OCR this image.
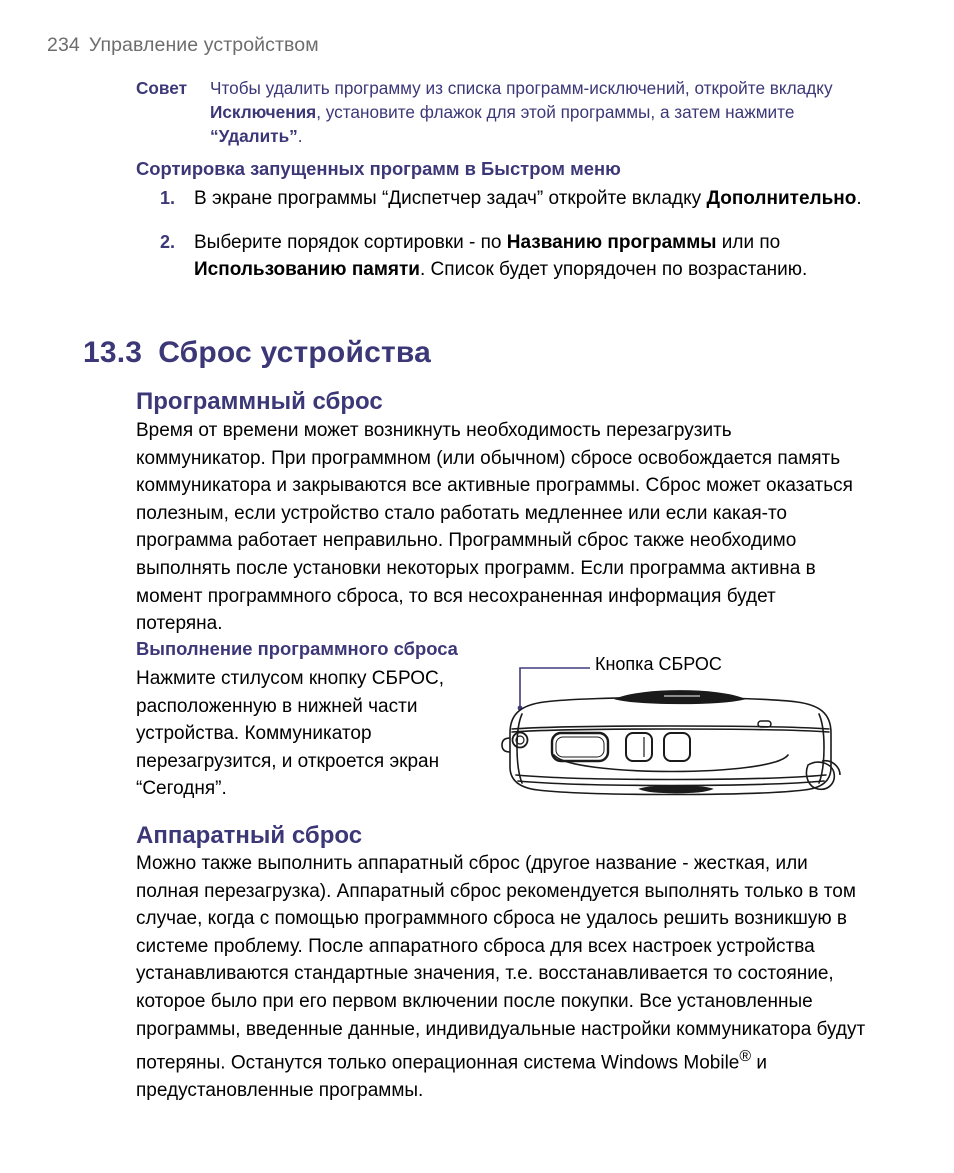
234 Управление устройством
Совет	Чтобы удалить программу из списка программ-исключений, откройте вкладку Исключения, установите флажок для этой программы, а затем нажмите “Удалить”.
Сортировка запущенных программ в Быстром меню
1. В экране программы “Диспетчер задач” откройте вкладку Дополнительно.
2. Выберите порядок сортировки - по Названию программы или по Использованию памяти. Список будет упорядочен по возрастанию.
13.3 Сброс устройства
Программный сброс
Время от времени может возникнуть необходимость перезагрузить коммуникатор. При программном (или обычном) сбросе освобождается память коммуникатора и закрываются все активные программы. Сброс может оказаться полезным, если устройство стало работать медленнее или если какая-то программа работает неправильно. Программный сброс также необходимо выполнять после установки некоторых программ. Если программа активна в момент программного сброса, то вся несохраненная информация будет потеряна.
Выполнение программного сброса
Нажмите стилусом кнопку СБРОС, расположенную в нижней части устройства. Коммуникатор перезагрузится, и откроется экран “Сегодня”.
Кнопка СБРОС
Аппаратный сброс
Можно также выполнить аппаратный сброс (другое название - жесткая, или полная перезагрузка). Аппаратный сброс рекомендуется выполнять только в том случае, когда с помощью программного сброса не удалось решить возникшую в системе проблему. После аппаратного сброса для всех настроек устройства устанавливаются стандартные значения, т.е. восстанавливается то состояние, которое было при его первом включении после покупки. Все установленные программы, введенные данные, индивидуальные настройки коммуникатора будут потеряны. Останутся только операционная система Windows Mobile® и предустановленные программы.
